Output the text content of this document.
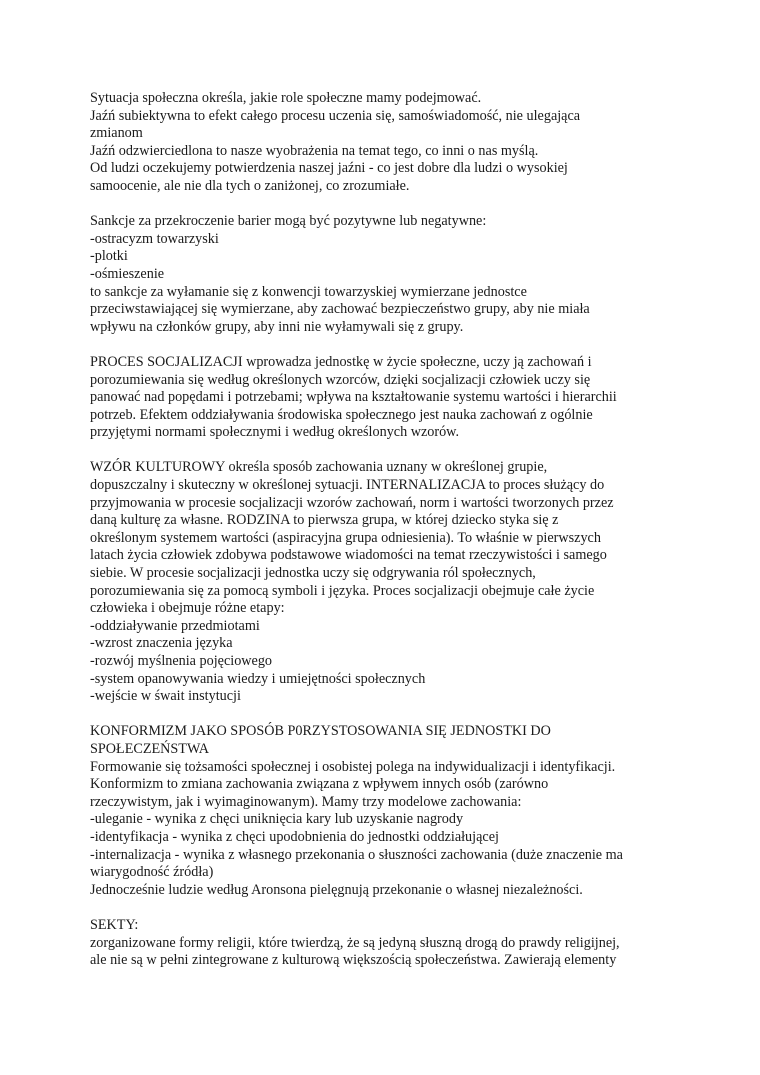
Sytuacja społeczna określa, jakie role społeczne mamy podejmować.
Jaźń subiektywna to efekt całego procesu uczenia się, samoświadomość, nie ulegająca
zmianom
Jaźń odzwierciedlona to nasze wyobrażenia na temat tego, co inni o nas myślą.
Od ludzi oczekujemy potwierdzenia naszej jaźni - co jest dobre dla ludzi o wysokiej
samoocenie, ale nie dla tych o zaniżonej, co zrozumiałe.
Sankcje za przekroczenie barier mogą być pozytywne lub negatywne:
-ostracyzm towarzyski
-plotki
-ośmieszenie
to sankcje za wyłamanie się z konwencji towarzyskiej wymierzane jednostce
przeciwstawiającej się wymierzane, aby zachować bezpieczeństwo grupy, aby nie miała
wpływu na członków grupy, aby inni nie wyłamywali się z grupy.
PROCES SOCJALIZACJI wprowadza jednostkę w życie społeczne, uczy ją zachowań i
porozumiewania się według określonych wzorców, dzięki socjalizacji człowiek uczy się
panować nad popędami i potrzebami; wpływa na kształtowanie systemu wartości i hierarchii
potrzeb. Efektem oddziaływania środowiska społecznego jest nauka zachowań z ogólnie
przyjętymi normami społecznymi i według określonych wzorów.
WZÓR KULTUROWY określa sposób zachowania uznany w określonej grupie,
dopuszczalny i skuteczny w określonej sytuacji. INTERNALIZACJA to proces służący do
przyjmowania w procesie socjalizacji wzorów zachowań, norm i wartości tworzonych przez
daną kulturę za własne. RODZINA to pierwsza grupa, w której dziecko styka się z
określonym systemem wartości (aspiracyjna grupa odniesienia). To właśnie w pierwszych
latach życia człowiek zdobywa podstawowe wiadomości na temat rzeczywistości i samego
siebie. W procesie socjalizacji jednostka uczy się odgrywania ról społecznych,
porozumiewania się za pomocą symboli i języka. Proces socjalizacji obejmuje całe życie
człowieka i obejmuje różne etapy:
-oddziaływanie przedmiotami
-wzrost znaczenia języka
-rozwój myślnenia pojęciowego
-system opanowywania wiedzy i umiejętności społecznych
-wejście w śwait instytucji
KONFORMIZM JAKO SPOSÓB P0RZYSTOSOWANIA SIĘ JEDNOSTKI DO
SPOŁECZEŃSTWA
Formowanie się tożsamości społecznej i osobistej polega na indywidualizacji i identyfikacji.
Konformizm to zmiana zachowania związana z wpływem innych osób (zarówno
rzeczywistym, jak i wyimaginowanym). Mamy trzy modelowe zachowania:
-uleganie - wynika z chęci uniknięcia kary lub uzyskanie nagrody
-identyfikacja - wynika z chęci upodobnienia do jednostki oddziałującej
-internalizacja - wynika z własnego przekonania o słuszności zachowania (duże znaczenie ma
wiarygodność źródła)
Jednocześnie ludzie według Aronsona pielęgnują przekonanie o własnej niezależności.
SEKTY:
zorganizowane formy religii, które twierdzą, że są jedyną słuszną drogą do prawdy religijnej,
ale nie są w pełni zintegrowane z kulturową większością społeczeństwa. Zawierają elementy
